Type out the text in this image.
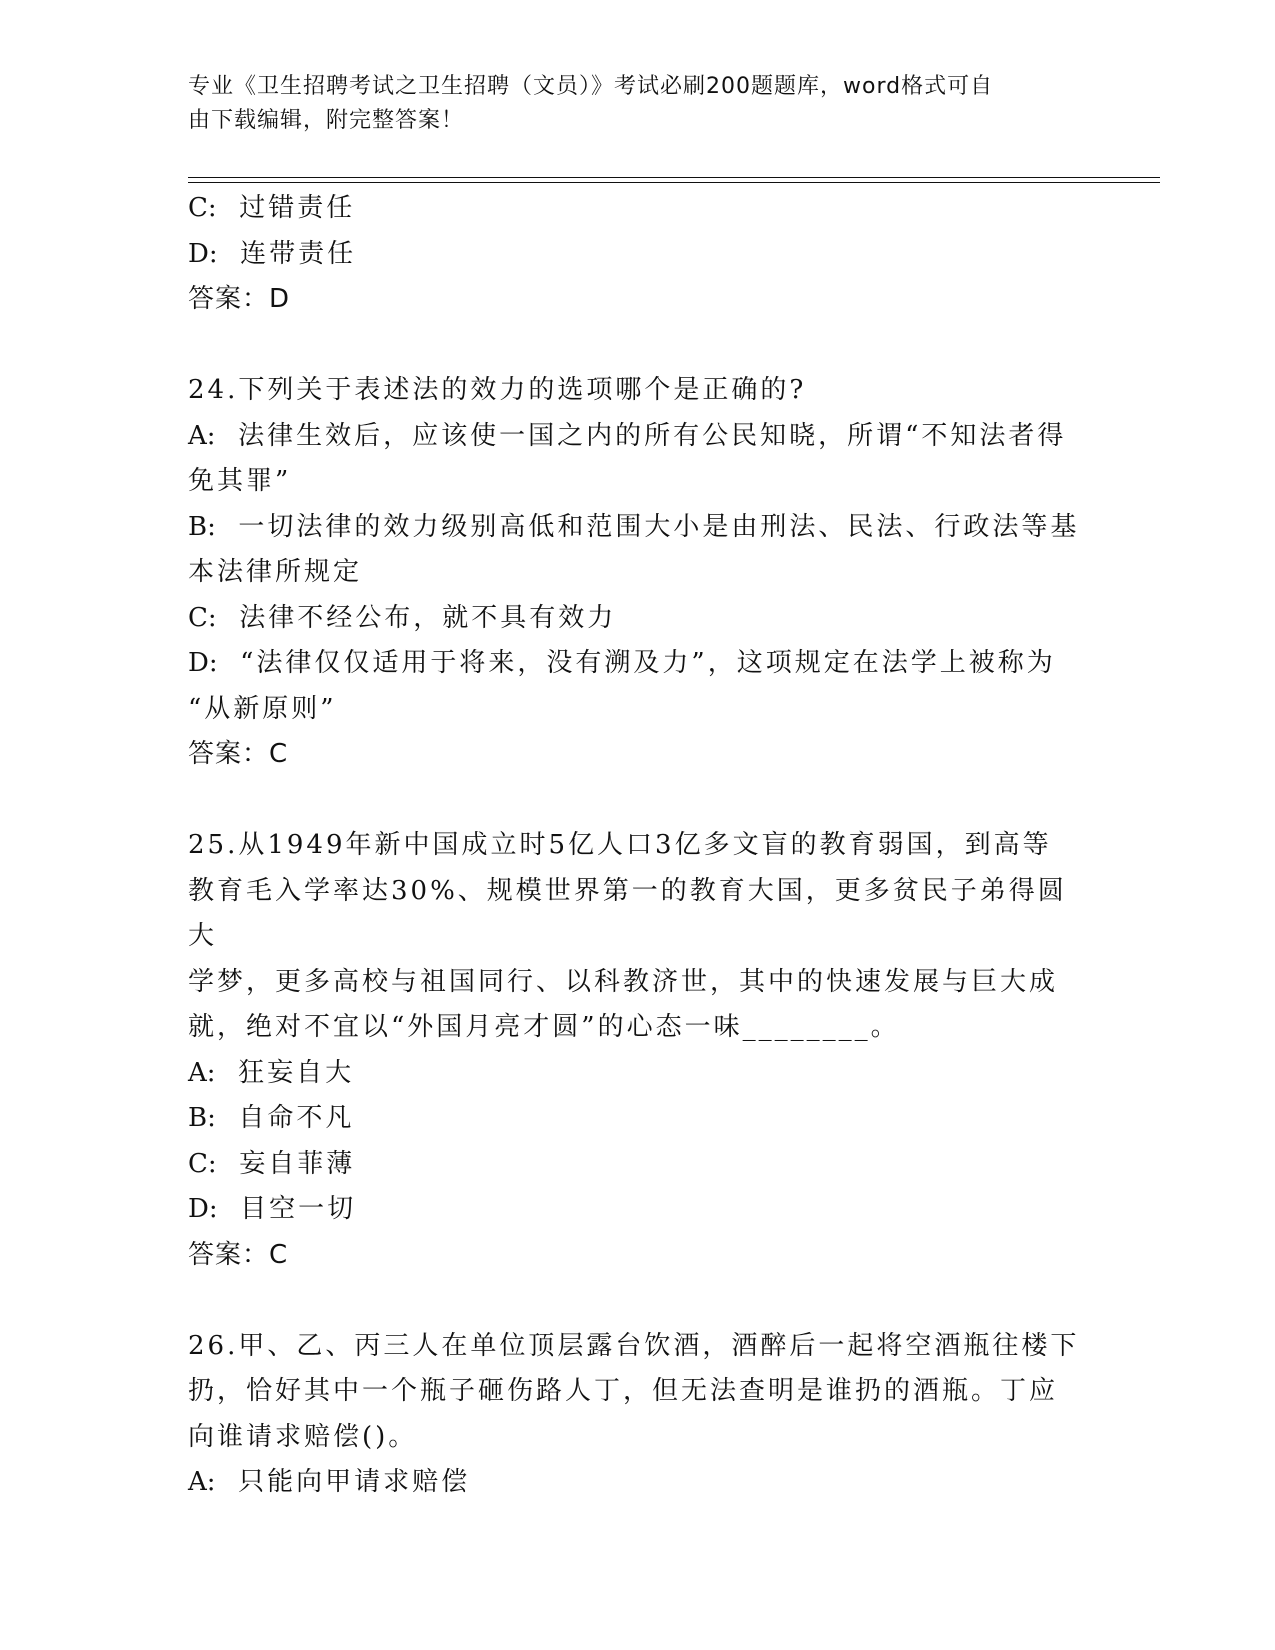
专业《卫生招聘考试之卫生招聘（文员）》考试必刷200题题库，word格式可自
由下载编辑，附完整答案！
C: 过错责任
D: 连带责任
答案：D
24.下列关于表述法的效力的选项哪个是正确的?
A: 法律生效后，应该使一国之内的所有公民知晓，所谓“不知法者得
免其罪”
B: 一切法律的效力级别高低和范围大小是由刑法、民法、行政法等基
本法律所规定
C: 法律不经公布，就不具有效力
D: “法律仅仅适用于将来，没有溯及力”，这项规定在法学上被称为
“从新原则”
答案：C
25.从1949年新中国成立时5亿人口3亿多文盲的教育弱国，到高等
教育毛入学率达30%、规模世界第一的教育大国，更多贫民子弟得圆大
学梦，更多高校与祖国同行、以科教济世，其中的快速发展与巨大成
就，绝对不宜以“外国月亮才圆”的心态一味________。
A: 狂妄自大
B: 自命不凡
C: 妄自菲薄
D: 目空一切
答案：C
26.甲、乙、丙三人在单位顶层露台饮酒，酒醉后一起将空酒瓶往楼下
扔，恰好其中一个瓶子砸伤路人丁，但无法查明是谁扔的酒瓶。丁应
向谁请求赔偿()。
A: 只能向甲请求赔偿
